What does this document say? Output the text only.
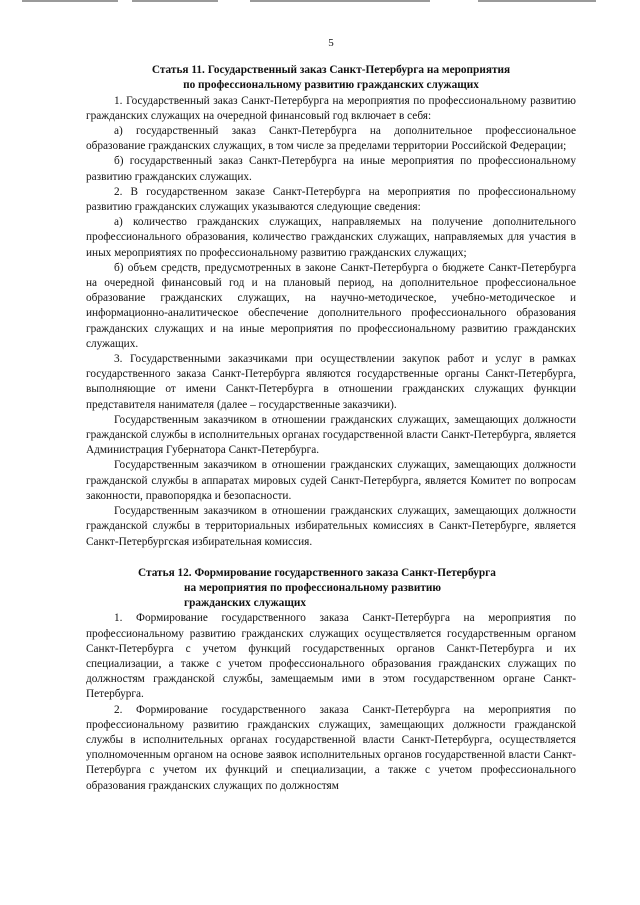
5
Статья 11. Государственный заказ Санкт-Петербурга на мероприятия
по профессиональному развитию гражданских служащих

1. Государственный заказ Санкт-Петербурга на мероприятия по профессиональному развитию гражданских служащих на очередной финансовый год включает в себя:

а) государственный заказ Санкт-Петербурга на дополнительное профессиональное образование гражданских служащих, в том числе за пределами территории Российской Федерации;

б) государственный заказ Санкт-Петербурга на иные мероприятия по профессиональному развитию гражданских служащих.

2. В государственном заказе Санкт-Петербурга на мероприятия по профессиональному развитию гражданских служащих указываются следующие сведения:

а) количество гражданских служащих, направляемых на получение дополнительного профессионального образования, количество гражданских служащих, направляемых для участия в иных мероприятиях по профессиональному развитию гражданских служащих;

б) объем средств, предусмотренных в законе Санкт-Петербурга о бюджете Санкт-Петербурга на очередной финансовый год и на плановый период, на дополнительное профессиональное образование гражданских служащих, на научно-методическое, учебно-методическое и информационно-аналитическое обеспечение дополнительного профессионального образования гражданских служащих и на иные мероприятия по профессиональному развитию гражданских служащих.

3. Государственными заказчиками при осуществлении закупок работ и услуг в рамках государственного заказа Санкт-Петербурга являются государственные органы Санкт-Петербурга, выполняющие от имени Санкт-Петербурга в отношении гражданских служащих функции представителя нанимателя (далее – государственные заказчики).

Государственным заказчиком в отношении гражданских служащих, замещающих должности гражданской службы в исполнительных органах государственной власти Санкт-Петербурга, является Администрация Губернатора Санкт-Петербурга.

Государственным заказчиком в отношении гражданских служащих, замещающих должности гражданской службы в аппаратах мировых судей Санкт-Петербурга, является Комитет по вопросам законности, правопорядка и безопасности.

Государственным заказчиком в отношении гражданских служащих, замещающих должности гражданской службы в территориальных избирательных комиссиях в Санкт-Петербурге, является Санкт-Петербургская избирательная комиссия.

Статья 12. Формирование государственного заказа Санкт-Петербурга
на мероприятия по профессиональному развитию
гражданских служащих

1. Формирование государственного заказа Санкт-Петербурга на мероприятия по профессиональному развитию гражданских служащих осуществляется государственным органом Санкт-Петербурга с учетом функций государственных органов Санкт-Петербурга и их специализации, а также с учетом профессионального образования гражданских служащих по должностям гражданской службы, замещаемым ими в этом государственном органе Санкт-Петербурга.

2. Формирование государственного заказа Санкт-Петербурга на мероприятия по профессиональному развитию гражданских служащих, замещающих должности гражданской службы в исполнительных органах государственной власти Санкт-Петербурга, осуществляется уполномоченным органом на основе заявок исполнительных органов государственной власти Санкт-Петербурга с учетом их функций и специализации, а также с учетом профессионального образования гражданских служащих по должностям
